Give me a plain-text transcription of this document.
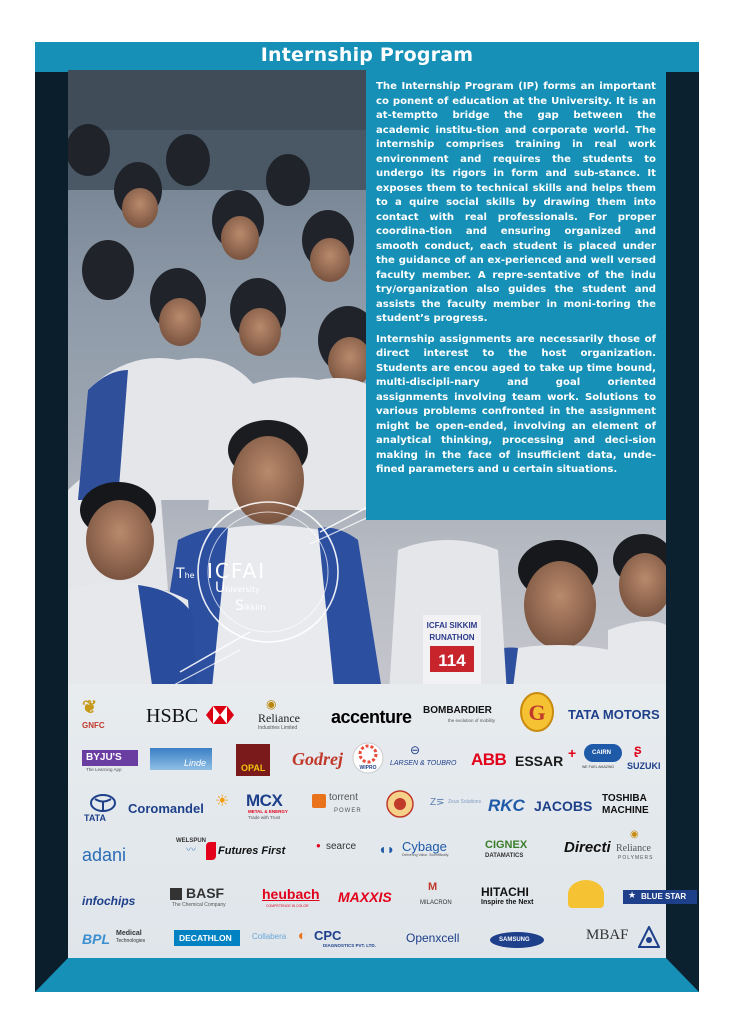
Internship Program
ICFAI SIKKIM
RUNATHON
114
The ICFAI
University
Sikkim

The Internship Program (IP) forms an important co ponent of education at the University. It is an at-temptto bridge the gap between the academic institu-tion and corporate world. The internship comprises training in real work environment and requires the students to undergo its rigors in form and sub-stance. It exposes them to technical skills and helps them to a quire social skills by drawing them into contact with real professionals. For proper coordina-tion and ensuring organized and smooth conduct, each student is placed under the guidance of an ex-perienced and well versed faculty member. A repre-sentative of the indu try/organization also guides the student and assists the faculty member in moni-toring the student’s progress.

Internship assignments are necessarily those of direct interest to the host organization. Students are encou aged to take up time bound, multi-discipli-nary and goal oriented assignments involving team work. Solutions to various problems confronted in the assignment might be open-ended, involving an element of analytical thinking, processing and deci-sion making in the face of insufficient data, unde-fined parameters and u certain situations.

❦
GNFC HSBC
◉
Reliance
Industries Limited
accenture BOMBARDIER
the evolution of mobility G TATA MOTORS
BYJU'S
The Learning App
Linde	OPAL Godrej	WIPRO
⊖
LARSEN & TOUBRO ABB ESSAR +	CAIRN
WE FUEL AMAZING
ʂ
SUZUKI
TATA
Coromandel ☀ MCX
METAL & ENERGY
Trade with Trust
torrent
POWER
Z⋝ Zeus Solutions RKC JACOBS TOSHIBA
MACHINE
adani
WELSPUN
〰 Futures First	● searce ◖◗ Cybage
Delivering Value. Scientifically.
CIGNEX
DATAMATICS	Directi
◉
Reliance
POLYMERS
infochips	BASF
The Chemical Company
heubach
COMPETENCE IN COLOR
MAXXIS
M
MILACRON
HITACHI
Inspire the Next
BLUE STAR
★
BPL Medical
Technologies	DECATHLON	Collabera ◐ CPC
DIAGNOSTICS PVT. LTD.
Openxcell	SAMSUNG	MBAF
